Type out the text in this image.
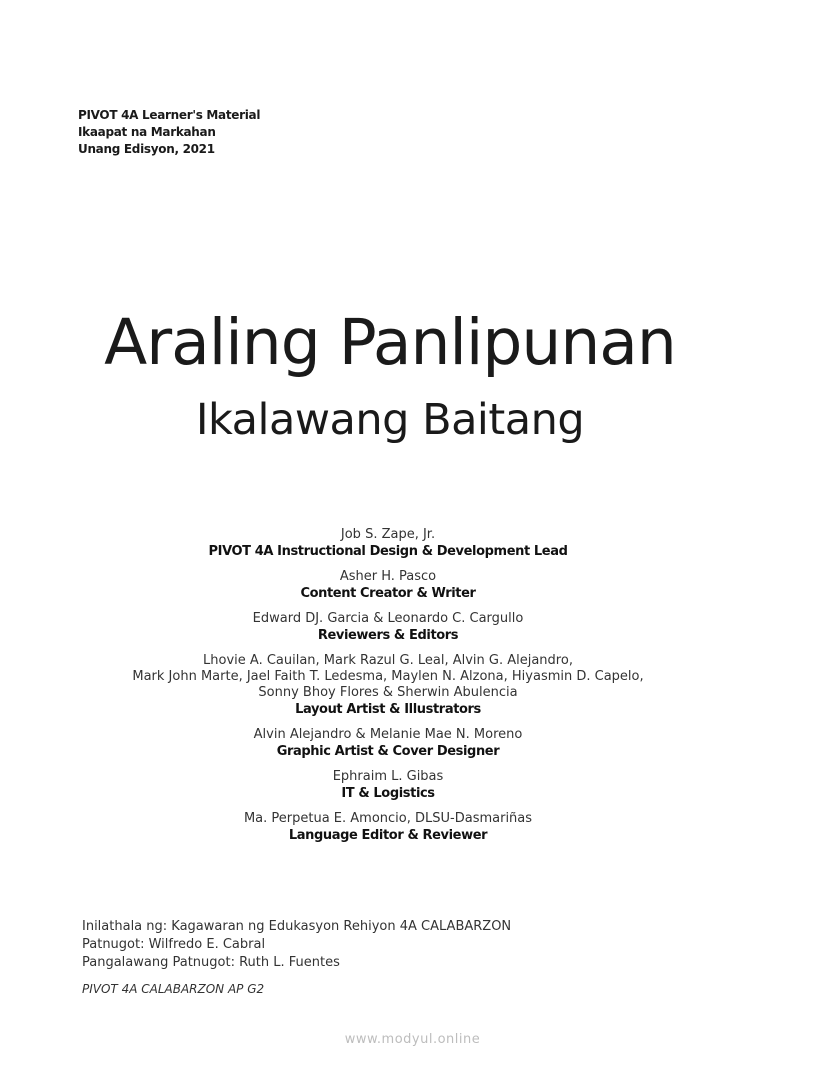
PIVOT 4A Learner's Material
Ikaapat na Markahan
Unang Edisyon, 2021
Araling Panlipunan
Ikalawang Baitang
Job S. Zape, Jr.
PIVOT 4A Instructional Design & Development Lead
Asher H. Pasco
Content Creator & Writer
Edward DJ. Garcia & Leonardo C. Cargullo
Reviewers & Editors
Lhovie A. Cauilan, Mark Razul G. Leal, Alvin G. Alejandro,
Mark John Marte, Jael Faith T. Ledesma, Maylen N. Alzona, Hiyasmin D. Capelo,
Sonny Bhoy Flores & Sherwin Abulencia
Layout Artist & Illustrators
Alvin Alejandro & Melanie Mae N. Moreno
Graphic Artist & Cover Designer
Ephraim L. Gibas
IT & Logistics
Ma. Perpetua E. Amoncio, DLSU-Dasmariñas
Language Editor & Reviewer
Inilathala ng: Kagawaran ng Edukasyon Rehiyon 4A CALABARZON
Patnugot: Wilfredo E. Cabral
Pangalawang Patnugot: Ruth L. Fuentes
PIVOT 4A CALABARZON AP G2
www.modyul.online
